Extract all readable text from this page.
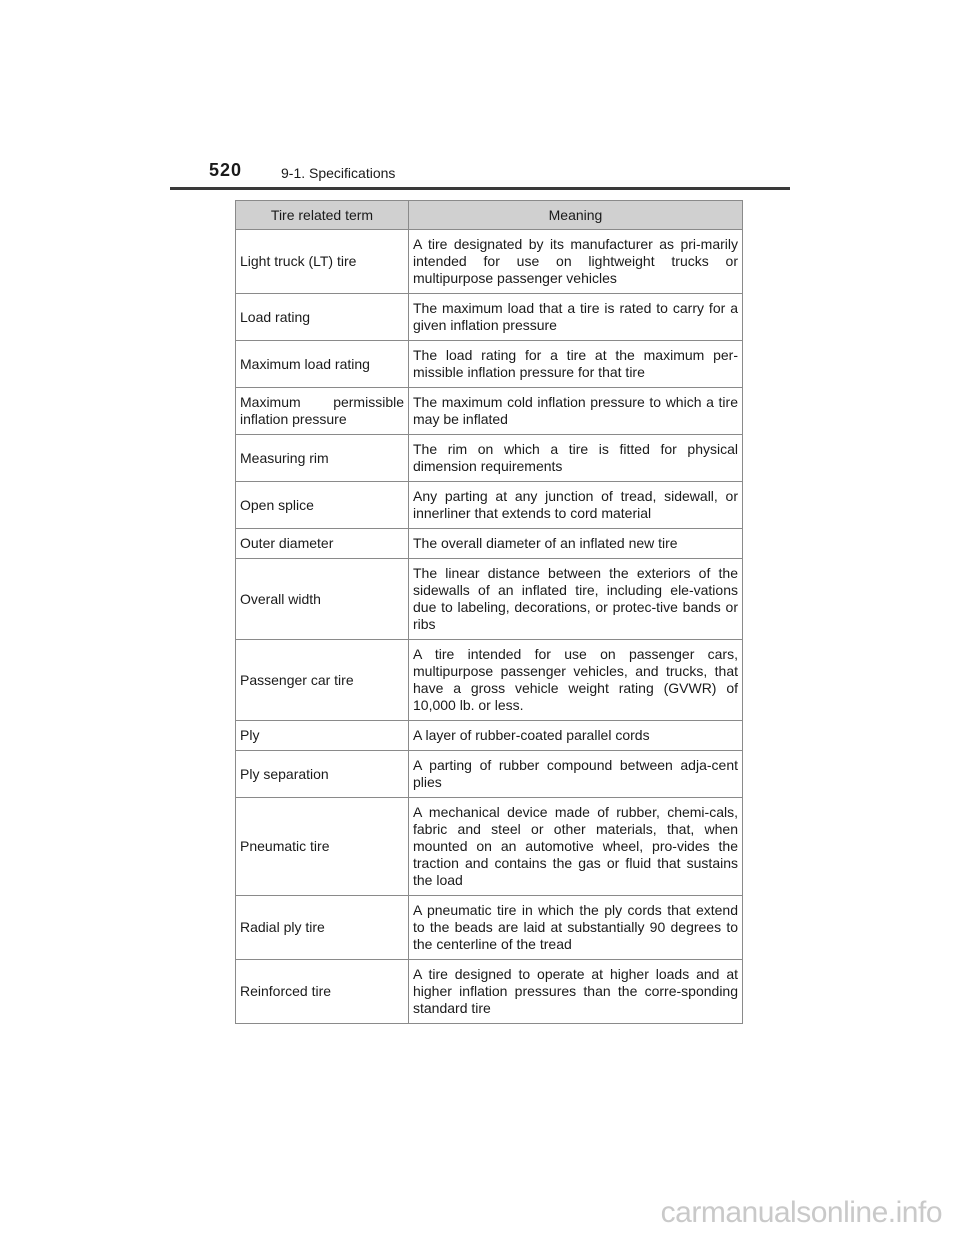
520	9-1. Specifications
Tire related term	Meaning
Light truck (LT) tire	A tire designated by its manufacturer as pri-marily intended for use on lightweight trucks or multipurpose passenger vehicles
Load rating	The maximum load that a tire is rated to carry for a given inflation pressure
Maximum load rating	The load rating for a tire at the maximum per-missible inflation pressure for that tire
Maximum permissible inflation pressure	The maximum cold inflation pressure to which a tire may be inflated
Measuring rim	The rim on which a tire is fitted for physical dimension requirements
Open splice	Any parting at any junction of tread, sidewall, or innerliner that extends to cord material
Outer diameter	The overall diameter of an inflated new tire
Overall width	The linear distance between the exteriors of the sidewalls of an inflated tire, including ele-vations due to labeling, decorations, or protec-tive bands or ribs
Passenger car tire	A tire intended for use on passenger cars, multipurpose passenger vehicles, and trucks, that have a gross vehicle weight rating (GVWR) of 10,000 lb. or less.
Ply	A layer of rubber-coated parallel cords
Ply separation	A parting of rubber compound between adja-cent plies
Pneumatic tire	A mechanical device made of rubber, chemi-cals, fabric and steel or other materials, that, when mounted on an automotive wheel, pro-vides the traction and contains the gas or fluid that sustains the load
Radial ply tire	A pneumatic tire in which the ply cords that extend to the beads are laid at substantially 90 degrees to the centerline of the tread
Reinforced tire	A tire designed to operate at higher loads and at higher inflation pressures than the corre-sponding standard tire
carmanualsonline.info
